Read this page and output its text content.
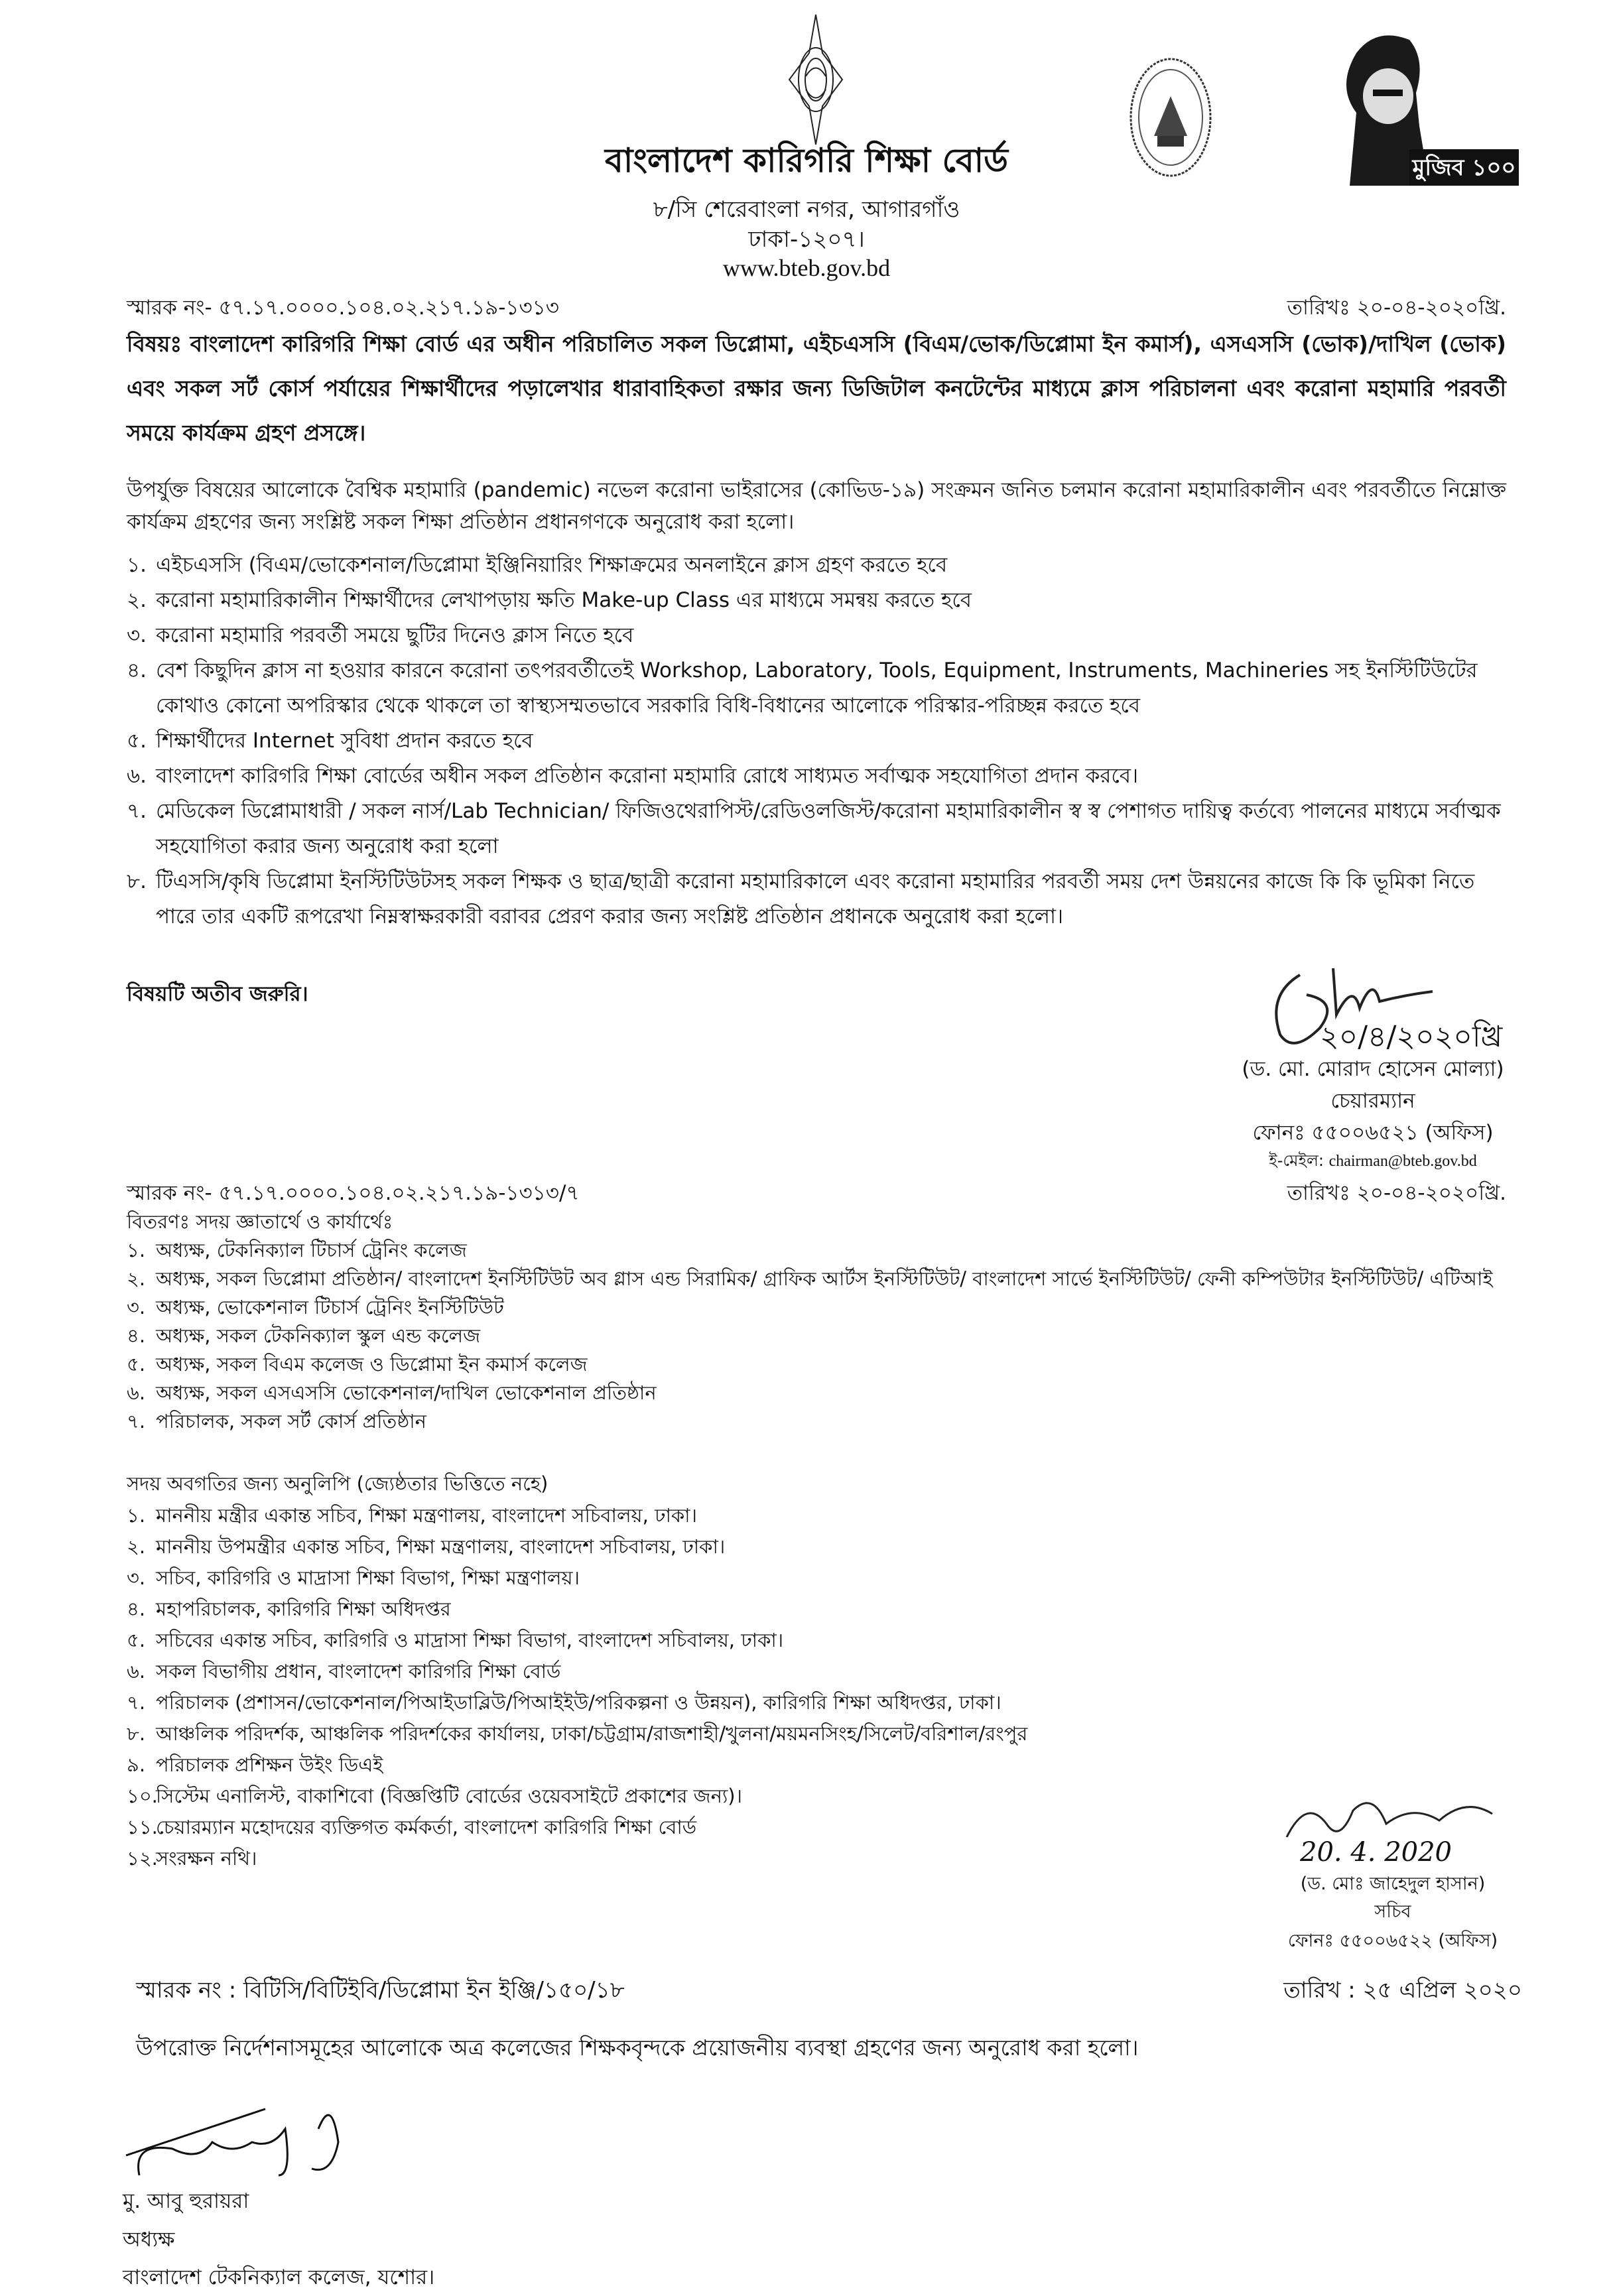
মুজিব ১০০
বাংলাদেশ কারিগরি শিক্ষা বোর্ড
৮/সি শেরেবাংলা নগর, আগারগাঁও
ঢাকা-১২০৭।
www.bteb.gov.bd
স্মারক নং- ৫৭.১৭.০০০০.১০৪.০২.২১৭.১৯-১৩১৩	তারিখঃ ২০-০৪-২০২০খ্রি.
বিষয়ঃ বাংলাদেশ কারিগরি শিক্ষা বোর্ড এর অধীন পরিচালিত সকল ডিপ্লোমা, এইচএসসি (বিএম/ভোক/ডিপ্লোমা ইন কমার্স), এসএসসি (ভোক)/দাখিল (ভোক) এবং সকল সর্ট কোর্স পর্যায়ের শিক্ষার্থীদের পড়ালেখার ধারাবাহিকতা রক্ষার জন্য ডিজিটাল কনটেন্টের মাধ্যমে ক্লাস পরিচালনা এবং করোনা মহামারি পরবর্তী সময়ে কার্যক্রম গ্রহণ প্রসঙ্গে।
উপর্যুক্ত বিষয়ের আলোকে বৈশ্বিক মহামারি (pandemic) নভেল করোনা ভাইরাসের (কোভিড-১৯) সংক্রমন জনিত চলমান করোনা মহামারিকালীন এবং পরবর্তীতে নিম্নোক্ত কার্যক্রম গ্রহণের জন্য সংশ্লিষ্ট সকল শিক্ষা প্রতিষ্ঠান প্রধানগণকে অনুরোধ করা হলো।
১. এইচএসসি (বিএম/ভোকেশনাল/ডিপ্লোমা ইঞ্জিনিয়ারিং শিক্ষাক্রমের অনলাইনে ক্লাস গ্রহণ করতে হবে
২. করোনা মহামারিকালীন শিক্ষার্থীদের লেখাপড়ায় ক্ষতি Make-up Class এর মাধ্যমে সমন্বয় করতে হবে
৩. করোনা মহামারি পরবর্তী সময়ে ছুটির দিনেও ক্লাস নিতে হবে
৪. বেশ কিছুদিন ক্লাস না হওয়ার কারনে করোনা তৎপরবর্তীতেই Workshop, Laboratory, Tools, Equipment, Instruments, Machineries সহ ইনস্টিটিউটের কোথাও কোনো অপরিস্কার থেকে থাকলে তা স্বাস্থ্যসম্মতভাবে সরকারি বিধি-বিধানের আলোকে পরিস্কার-পরিচ্ছন্ন করতে হবে
৫. শিক্ষার্থীদের Internet সুবিধা প্রদান করতে হবে
৬. বাংলাদেশ কারিগরি শিক্ষা বোর্ডের অধীন সকল প্রতিষ্ঠান করোনা মহামারি রোধে সাধ্যমত সর্বাত্মক সহযোগিতা প্রদান করবে।
৭. মেডিকেল ডিপ্লোমাধারী / সকল নার্স/Lab Technician/ ফিজিওথেরাপিস্ট/রেডিওলজিস্ট/করোনা মহামারিকালীন স্ব স্ব পেশাগত দায়িত্ব কর্তব্যে পালনের মাধ্যমে সর্বাত্মক সহযোগিতা করার জন্য অনুরোধ করা হলো
৮. টিএসসি/কৃষি ডিপ্লোমা ইনস্টিটিউটসহ সকল শিক্ষক ও ছাত্র/ছাত্রী করোনা মহামারিকালে এবং করোনা মহামারির পরবর্তী সময় দেশ উন্নয়নের কাজে কি কি ভূমিকা নিতে পারে তার একটি রূপরেখা নিম্নস্বাক্ষরকারী বরাবর প্রেরণ করার জন্য সংশ্লিষ্ট প্রতিষ্ঠান প্রধানকে অনুরোধ করা হলো।
বিষয়টি অতীব জরুরি।
২০/৪/২০২০খ্রি
(ড. মো. মোরাদ হোসেন মোল্যা)
চেয়ারম্যান
ফোনঃ ৫৫০০৬৫২১ (অফিস)
ই-মেইল: chairman@bteb.gov.bd
স্মারক নং- ৫৭.১৭.০০০০.১০৪.০২.২১৭.১৯-১৩১৩/৭	তারিখঃ ২০-০৪-২০২০খ্রি.
বিতরণঃ সদয় জ্ঞাতার্থে ও কার্যার্থেঃ
১. অধ্যক্ষ, টেকনিক্যাল টিচার্স ট্রেনিং কলেজ
২. অধ্যক্ষ, সকল ডিপ্লোমা প্রতিষ্ঠান/ বাংলাদেশ ইনস্টিটিউট অব গ্লাস এন্ড সিরামিক/ গ্রাফিক আর্টস ইনস্টিটিউট/ বাংলাদেশ সার্ভে ইনস্টিটিউট/ ফেনী কম্পিউটার ইনস্টিটিউট/ এটিআই
৩. অধ্যক্ষ, ভোকেশনাল টিচার্স ট্রেনিং ইনস্টিটিউট
৪. অধ্যক্ষ, সকল টেকনিক্যাল স্কুল এন্ড কলেজ
৫. অধ্যক্ষ, সকল বিএম কলেজ ও ডিপ্লোমা ইন কমার্স কলেজ
৬. অধ্যক্ষ, সকল এসএসসি ভোকেশনাল/দাখিল ভোকেশনাল প্রতিষ্ঠান
৭. পরিচালক, সকল সর্ট কোর্স প্রতিষ্ঠান
সদয় অবগতির জন্য অনুলিপি (জ্যেষ্ঠতার ভিত্তিতে নহে)
১. মাননীয় মন্ত্রীর একান্ত সচিব, শিক্ষা মন্ত্রণালয়, বাংলাদেশ সচিবালয়, ঢাকা।
২. মাননীয় উপমন্ত্রীর একান্ত সচিব, শিক্ষা মন্ত্রণালয়, বাংলাদেশ সচিবালয়, ঢাকা।
৩. সচিব, কারিগরি ও মাদ্রাসা শিক্ষা বিভাগ, শিক্ষা মন্ত্রণালয়।
৪. মহাপরিচালক, কারিগরি শিক্ষা অধিদপ্তর
৫. সচিবের একান্ত সচিব, কারিগরি ও মাদ্রাসা শিক্ষা বিভাগ, বাংলাদেশ সচিবালয়, ঢাকা।
৬. সকল বিভাগীয় প্রধান, বাংলাদেশ কারিগরি শিক্ষা বোর্ড
৭. পরিচালক (প্রশাসন/ভোকেশনাল/পিআইডাব্লিউ/পিআইইউ/পরিকল্পনা ও উন্নয়ন), কারিগরি শিক্ষা অধিদপ্তর, ঢাকা।
৮. আঞ্চলিক পরিদর্শক, আঞ্চলিক পরিদর্শকের কার্যালয়, ঢাকা/চট্টগ্রাম/রাজশাহী/খুলনা/ময়মনসিংহ/সিলেট/বরিশাল/রংপুর
৯. পরিচালক প্রশিক্ষন উইং ডিএই
১০.
সিস্টেম এনালিস্ট, বাকাশিবো (বিজ্ঞপ্তিটি বোর্ডের ওয়েবসাইটে প্রকাশের জন্য)।
১১.
চেয়ারম্যান মহোদয়ের ব্যক্তিগত কর্মকর্তা, বাংলাদেশ কারিগরি শিক্ষা বোর্ড
১২.
সংরক্ষন নথি।	20. 4. 2020
(ড. মোঃ জাহেদুল হাসান)
সচিব
ফোনঃ ৫৫০০৬৫২২ (অফিস)
স্মারক নং : বিটিসি/বিটিইবি/ডিপ্লোমা ইন ইঞ্জি/১৫০/১৮	তারিখ : ২৫ এপ্রিল ২০২০
উপরোক্ত নির্দেশনাসমূহের আলোকে অত্র কলেজের শিক্ষকবৃন্দকে প্রয়োজনীয় ব্যবস্থা গ্রহণের জন্য অনুরোধ করা হলো।
মু. আবু হুরায়রা
অধ্যক্ষ
বাংলাদেশ টেকনিক্যাল কলেজ, যশোর।
